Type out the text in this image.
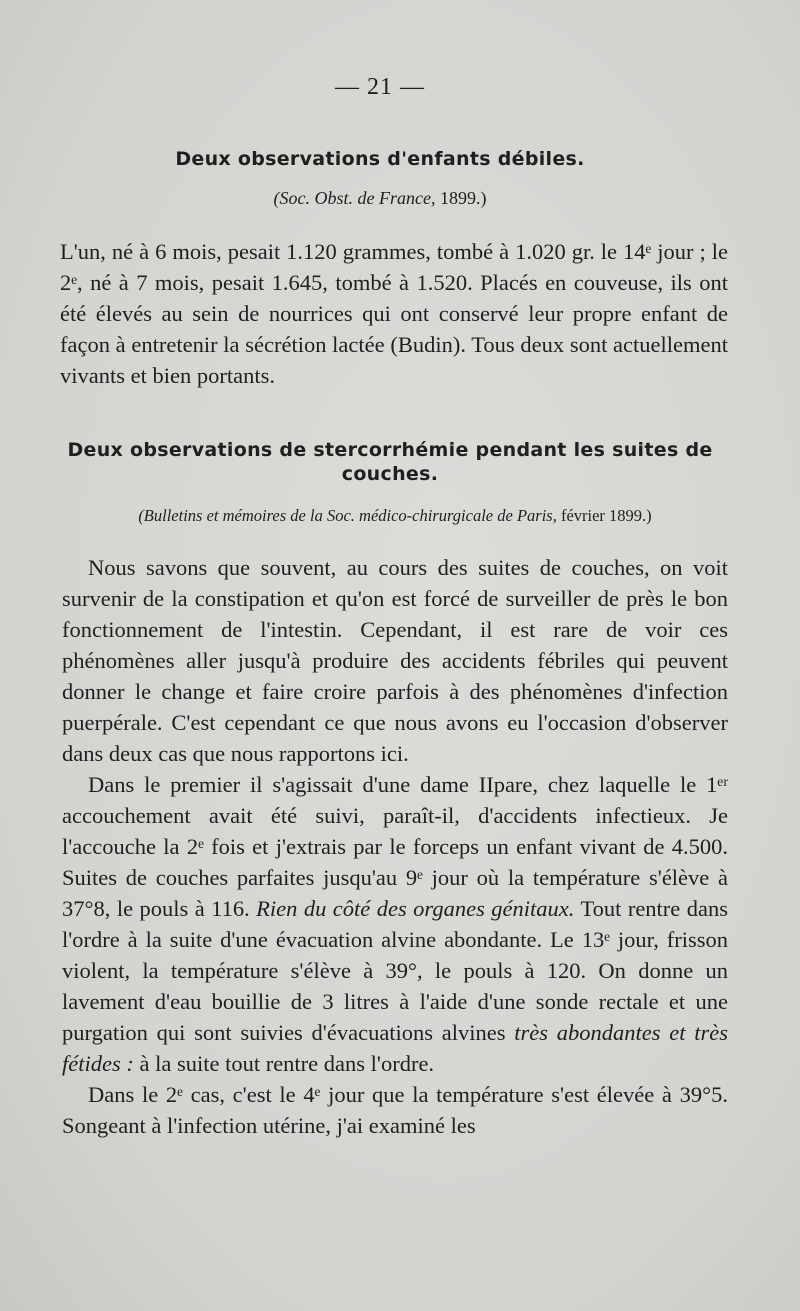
— 21 —
Deux observations d'enfants débiles.
(Soc. Obst. de France, 1899.)

L'un, né à 6 mois, pesait 1.120 grammes, tombé à 1.020 gr. le 14ᵉ jour ; le 2ᵉ, né à 7 mois, pesait 1.645, tombé à 1.520. Placés en couveuse, ils ont été élevés au sein de nourrices qui ont conservé leur propre enfant de façon à entretenir la sécrétion lactée (Budin). Tous deux sont actuellement vivants et bien portants.

Deux observations de stercorrhémie pendant les suites de couches.
(Bulletins et mémoires de la Soc. médico-chirurgicale de Paris, février 1899.)

Nous savons que souvent, au cours des suites de couches, on voit survenir de la constipation et qu'on est forcé de surveiller de près le bon fonctionnement de l'intestin. Cependant, il est rare de voir ces phénomènes aller jusqu'à produire des accidents fébriles qui peuvent donner le change et faire croire parfois à des phénomènes d'infection puerpérale. C'est cependant ce que nous avons eu l'occasion d'observer dans deux cas que nous rapportons ici.

Dans le premier il s'agissait d'une dame IIpare, chez laquelle le 1ᵉʳ accouchement avait été suivi, paraît-il, d'accidents infectieux. Je l'accouche la 2ᵉ fois et j'extrais par le forceps un enfant vivant de 4.500. Suites de couches parfaites jusqu'au 9ᵉ jour où la température s'élève à 37°8, le pouls à 116. Rien du côté des organes génitaux. Tout rentre dans l'ordre à la suite d'une évacuation alvine abondante. Le 13ᵉ jour, frisson violent, la température s'élève à 39°, le pouls à 120. On donne un lavement d'eau bouillie de 3 litres à l'aide d'une sonde rectale et une purgation qui sont suivies d'évacuations alvines très abondantes et très fétides : à la suite tout rentre dans l'ordre.

Dans le 2ᵉ cas, c'est le 4ᵉ jour que la température s'est élevée à 39°5. Songeant à l'infection utérine, j'ai examiné les
